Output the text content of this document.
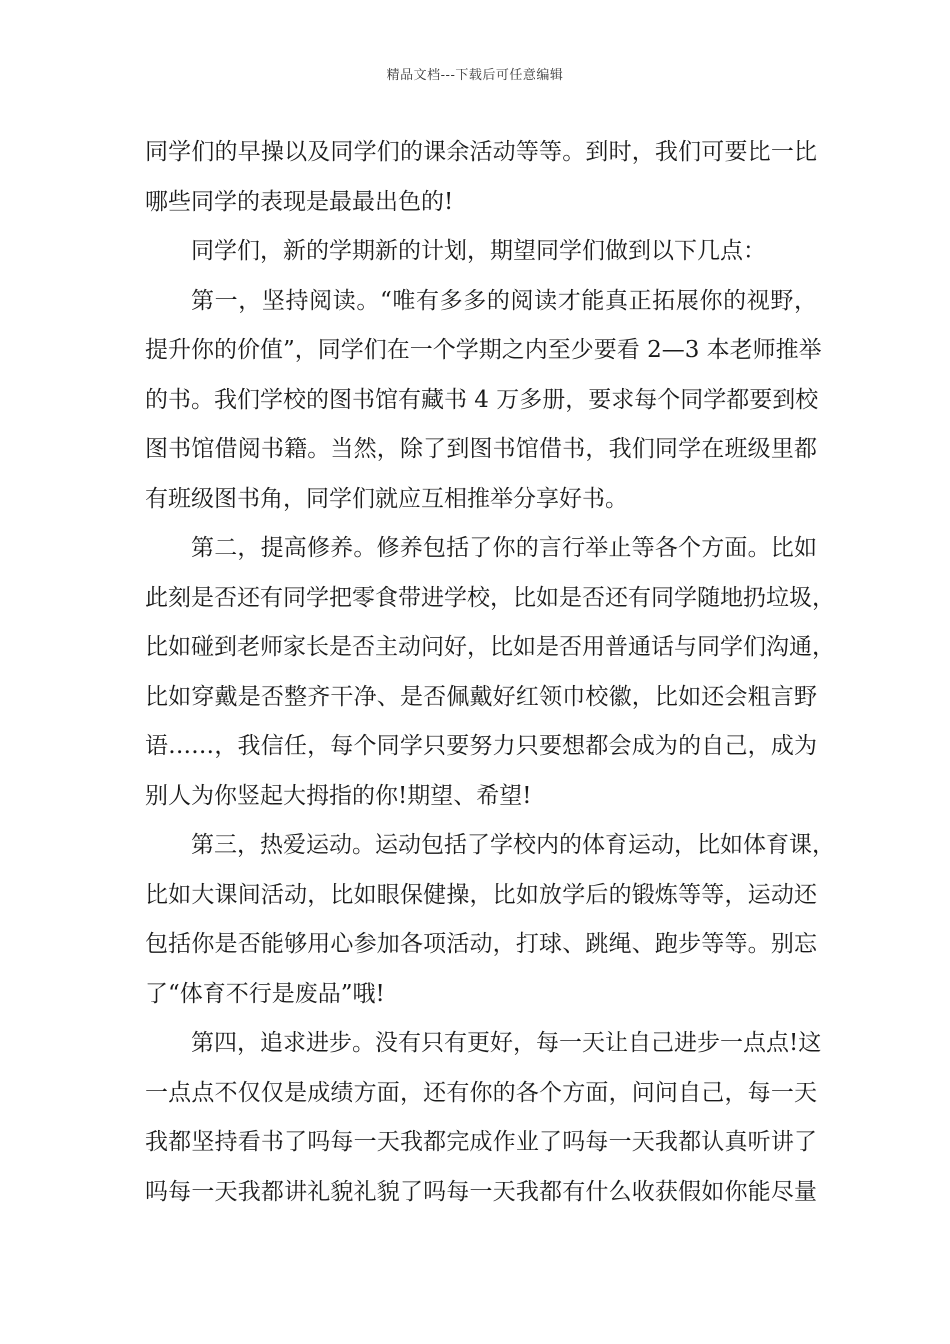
精品文档---下载后可任意编辑
同学们的早操以及同学们的课余活动等等。到时，我们可要比一比
哪些同学的表现是最最出色的!
同学们，新的学期新的计划，期望同学们做到以下几点：
第一，坚持阅读。“唯有多多的阅读才能真正拓展你的视野，
提升你的价值”，同学们在一个学期之内至少要看 2—3 本老师推举
的书。我们学校的图书馆有藏书 4 万多册，要求每个同学都要到校
图书馆借阅书籍。当然，除了到图书馆借书，我们同学在班级里都
有班级图书角，同学们就应互相推举分享好书。
第二，提高修养。修养包括了你的言行举止等各个方面。比如
此刻是否还有同学把零食带进学校，比如是否还有同学随地扔垃圾，
比如碰到老师家长是否主动问好，比如是否用普通话与同学们沟通，
比如穿戴是否整齐干净、是否佩戴好红领巾校徽，比如还会粗言野
语……，我信任，每个同学只要努力只要想都会成为的自己，成为
别人为你竖起大拇指的你!期望、希望!
第三，热爱运动。运动包括了学校内的体育运动，比如体育课，
比如大课间活动，比如眼保健操，比如放学后的锻炼等等，运动还
包括你是否能够用心参加各项活动，打球、跳绳、跑步等等。别忘
了“体育不行是废品”哦!
第四，追求进步。没有只有更好，每一天让自己进步一点点!这
一点点不仅仅是成绩方面，还有你的各个方面，问问自己，每一天
我都坚持看书了吗每一天我都完成作业了吗每一天我都认真听讲了
吗每一天我都讲礼貌礼貌了吗每一天我都有什么收获假如你能尽量
